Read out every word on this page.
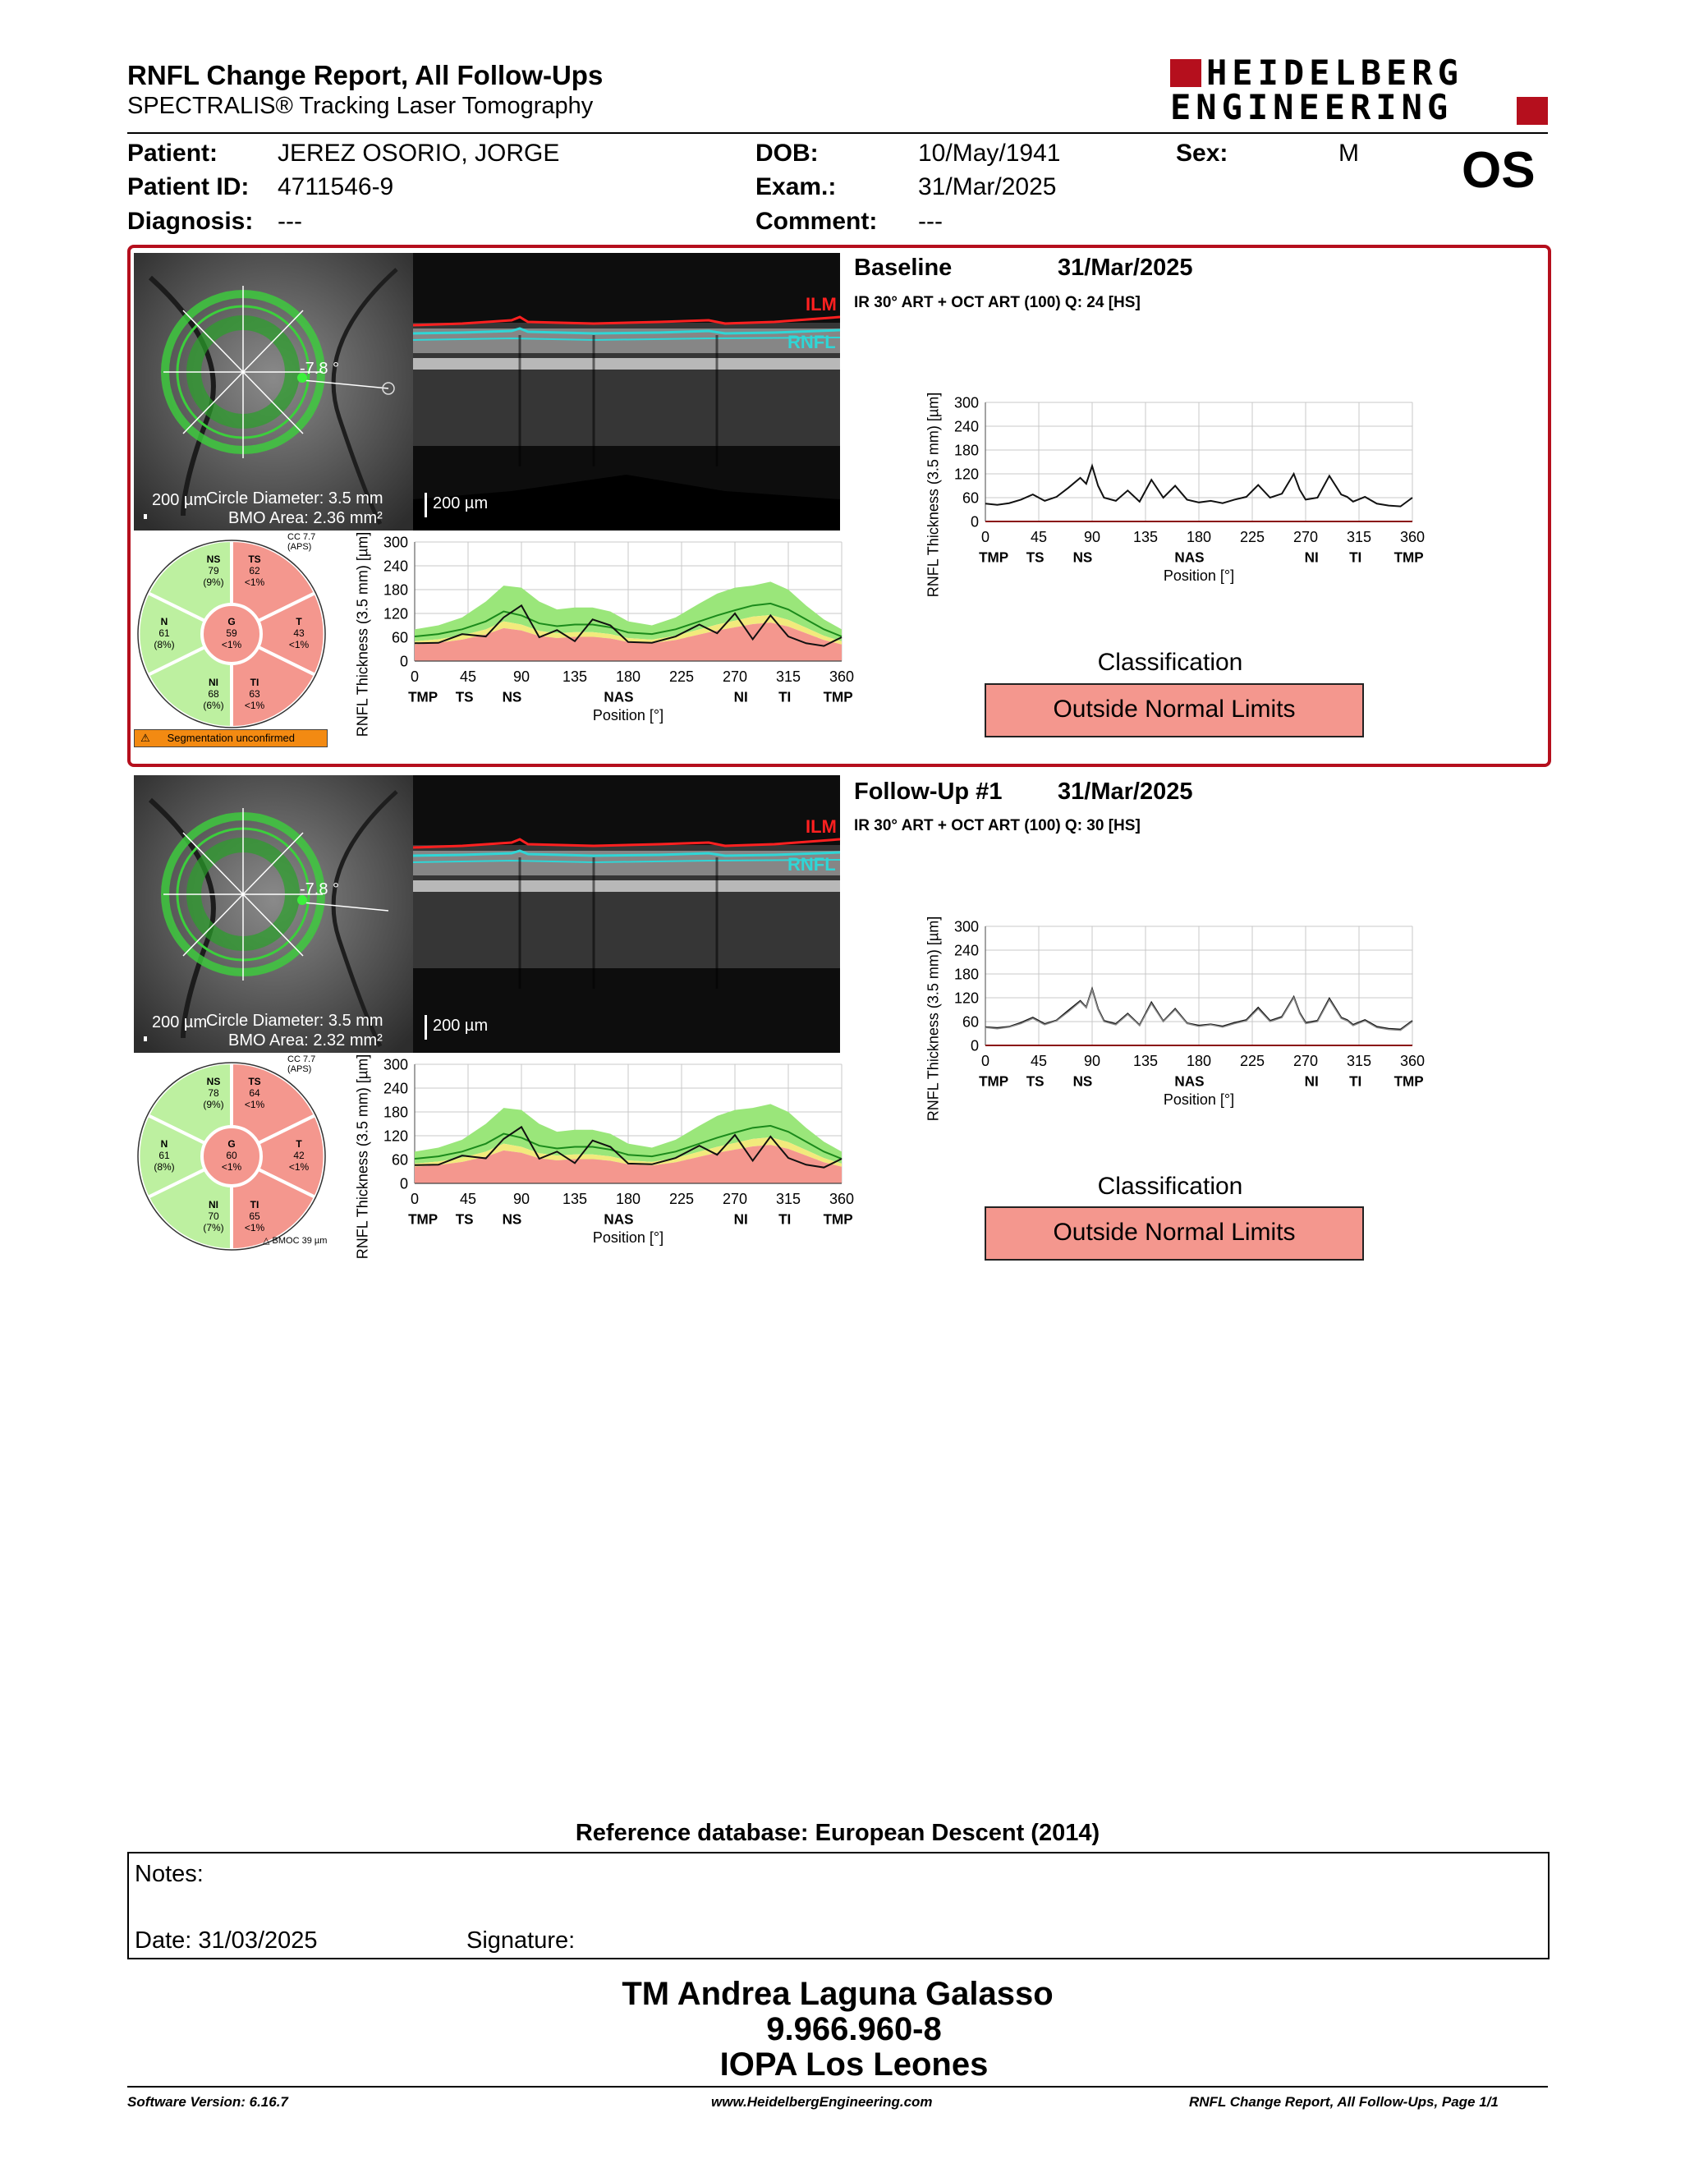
RNFL Change Report, All Follow-Ups
SPECTRALIS® Tracking Laser Tomography
HEIDELBERG
ENGINEERING
Patient: JEREZ OSORIO, JORGE
Patient ID: 4711546-9
Diagnosis: ---
DOB:	10/May/1941
Exam.:	31/Mar/2025
Comment: ---
Sex:	M OS
-7.8 °
200 µm
Circle Diameter: 3.5 mm
BMO Area: 2.36 mm²
ILM
RNFL
200 µm
CC 7.7 (APS)
NS
79
(9%)
TS
62
<1%
N
61
(8%)
G
59
<1%
T
43
<1%
NI
68
(6%)
TI
63
<1%
⚠ Segmentation unconfirmed
0
60
120
180
240
300
0	45 90 135 180 225 270 315 360
TMP TS NS	NAS	NI TI TMP
Position [°]
RNFL Thickness (3.5 mm) [µm]
Baseline	31/Mar/2025
IR 30° ART + OCT ART (100) Q: 24 [HS]
0
60
120
180
240
300
0	45 90 135 180 225 270 315 360
TMP TS NS	NAS	NI TI TMP
Position [°]
RNFL Thickness (3.5 mm) [µm]
Classification
Outside Normal Limits
-7.8 °
200 µm
Circle Diameter: 3.5 mm
BMO Area: 2.32 mm²
ILM
RNFL
200 µm
CC 7.7 (APS)
NS
78
(9%)
TS
64
<1%
N
61
(8%)
G
60
<1%
T
42
<1%
NI
70
(7%)
TI
65
<1%
△ BMOC 39 µm
0
60
120
180
240
300
0	45 90 135 180 225 270 315 360
TMP TS NS	NAS	NI TI TMP
Position [°]
RNFL Thickness (3.5 mm) [µm]
Follow-Up #1 31/Mar/2025
IR 30° ART + OCT ART (100) Q: 30 [HS]
0
60
120
180
240
300
0	45 90 135 180 225 270 315 360
TMP TS NS	NAS	NI TI TMP
Position [°]
RNFL Thickness (3.5 mm) [µm]
Classification
Outside Normal Limits
Reference database: European Descent (2014)
Notes:
Date: 31/03/2025	Signature:
TM Andrea Laguna Galasso
9.966.960-8
IOPA Los Leones
Software Version: 6.16.7	www.HeidelbergEngineering.com	RNFL Change Report, All Follow-Ups, Page 1/1
